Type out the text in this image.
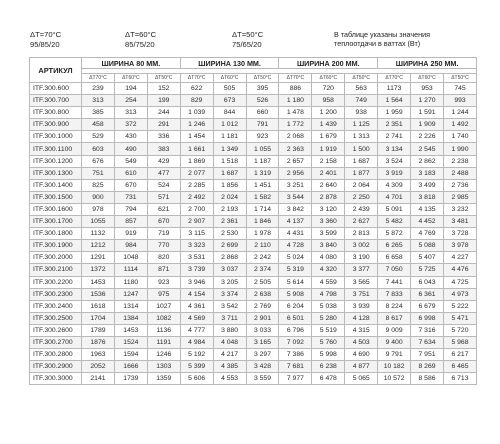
ΔT=70°C
95/85/20
ΔT=60°C
85/75/20
ΔT=50°C
75/65/20
В таблице указаны значения
теплоотдачи в ваттах (Вт)
АРТИКУЛ	ШИРИНА 80 ММ.			ШИРИНА 130 ММ.			ШИРИНА 200 ММ.			ШИРИНА 250 ММ.		

	ΔT70°C	ΔT60°C	ΔT50°C	ΔT70°C	ΔT60°C	ΔT50°C	ΔT70°C	ΔT60°C	ΔT50°C	ΔT70°C	ΔT60°C	ΔT50°C
ITF.300.600	239	194	152	622	505	395	886	720	563	1173	953	745
ITF.300.700	313	254	199	829	673	526	1 180	958	749	1 564	1 270	993
ITF.300.800	385	313	244	1 039	844	660	1 478	1 200	938	1 959	1 591	1 244
ITF.300.900	458	372	291	1 246	1 012	791	1 772	1 439	1 125	2 351	1 909	1 492
ITF.300.1000	529	430	336	1 454	1 181	923	2 068	1 679	1 313	2 741	2 226	1 740
ITF.300.1100	603	490	383	1 661	1 349	1 055	2 363	1 919	1 500	3 134	2 545	1 990
ITF.300.1200	676	549	429	1 869	1 518	1 187	2 657	2 158	1 687	3 524	2 862	2 238
ITF.300.1300	751	610	477	2 077	1 687	1 319	2 956	2 401	1 877	3 919	3 183	2 488
ITF.300.1400	825	670	524	2 285	1 856	1 451	3 251	2 640	2 064	4 309	3 499	2 736
ITF.300.1500	900	731	571	2 492	2 024	1 582	3 544	2 878	2 250	4 701	3 818	2 985
ITF.300.1600	978	794	621	2 700	2 193	1 714	3 842	3 120	2 439	5 091	4 135	3 232
ITF.300.1700	1055	857	670	2 907	2 361	1 846	4 137	3 360	2 627	5 482	4 452	3 481
ITF.300.1800	1132	919	719	3 115	2 530	1 978	4 431	3 599	2 813	5 872	4 769	3 728
ITF.300.1900	1212	984	770	3 323	2 699	2 110	4 728	3 840	3 002	6 265	5 088	3 978
ITF.300.2000	1291	1048	820	3 531	2 868	2 242	5 024	4 080	3 190	6 658	5 407	4 227
ITF.300.2100	1372	1114	871	3 739	3 037	2 374	5 319	4 320	3 377	7 050	5 725	4 476
ITF.300.2200	1453	1180	923	3 946	3 205	2 505	5 614	4 559	3 565	7 441	6 043	4 725
ITF.300.2300	1536	1247	975	4 154	3 374	2 638	5 908	4 798	3 751	7 833	6 361	4 973
ITF.300.2400	1618	1314	1027	4 361	3 542	2 769	6 204	5 038	3 939	8 224	6 679	5 222
ITF.300.2500	1704	1384	1082	4 569	3 711	2 901	6 501	5 280	4 128	8 617	6 998	5 471
ITF.300.2600	1789	1453	1136	4 777	3 880	3 033	6 796	5 519	4 315	9 009	7 316	5 720
ITF.300.2700	1876	1524	1191	4 984	4 048	3 165	7 092	5 760	4 503	9 400	7 634	5 968
ITF.300.2800	1963	1594	1246	5 192	4 217	3 297	7 386	5 998	4 690	9 791	7 951	6 217
ITF.300.2900	2052	1666	1303	5 399	4 385	3 428	7 681	6 238	4 877	10 182	8 269	6 465
ITF.300.3000	2141	1739	1359	5 606	4 553	3 559	7 977	6 478	5 065	10 572	8 586	6 713
